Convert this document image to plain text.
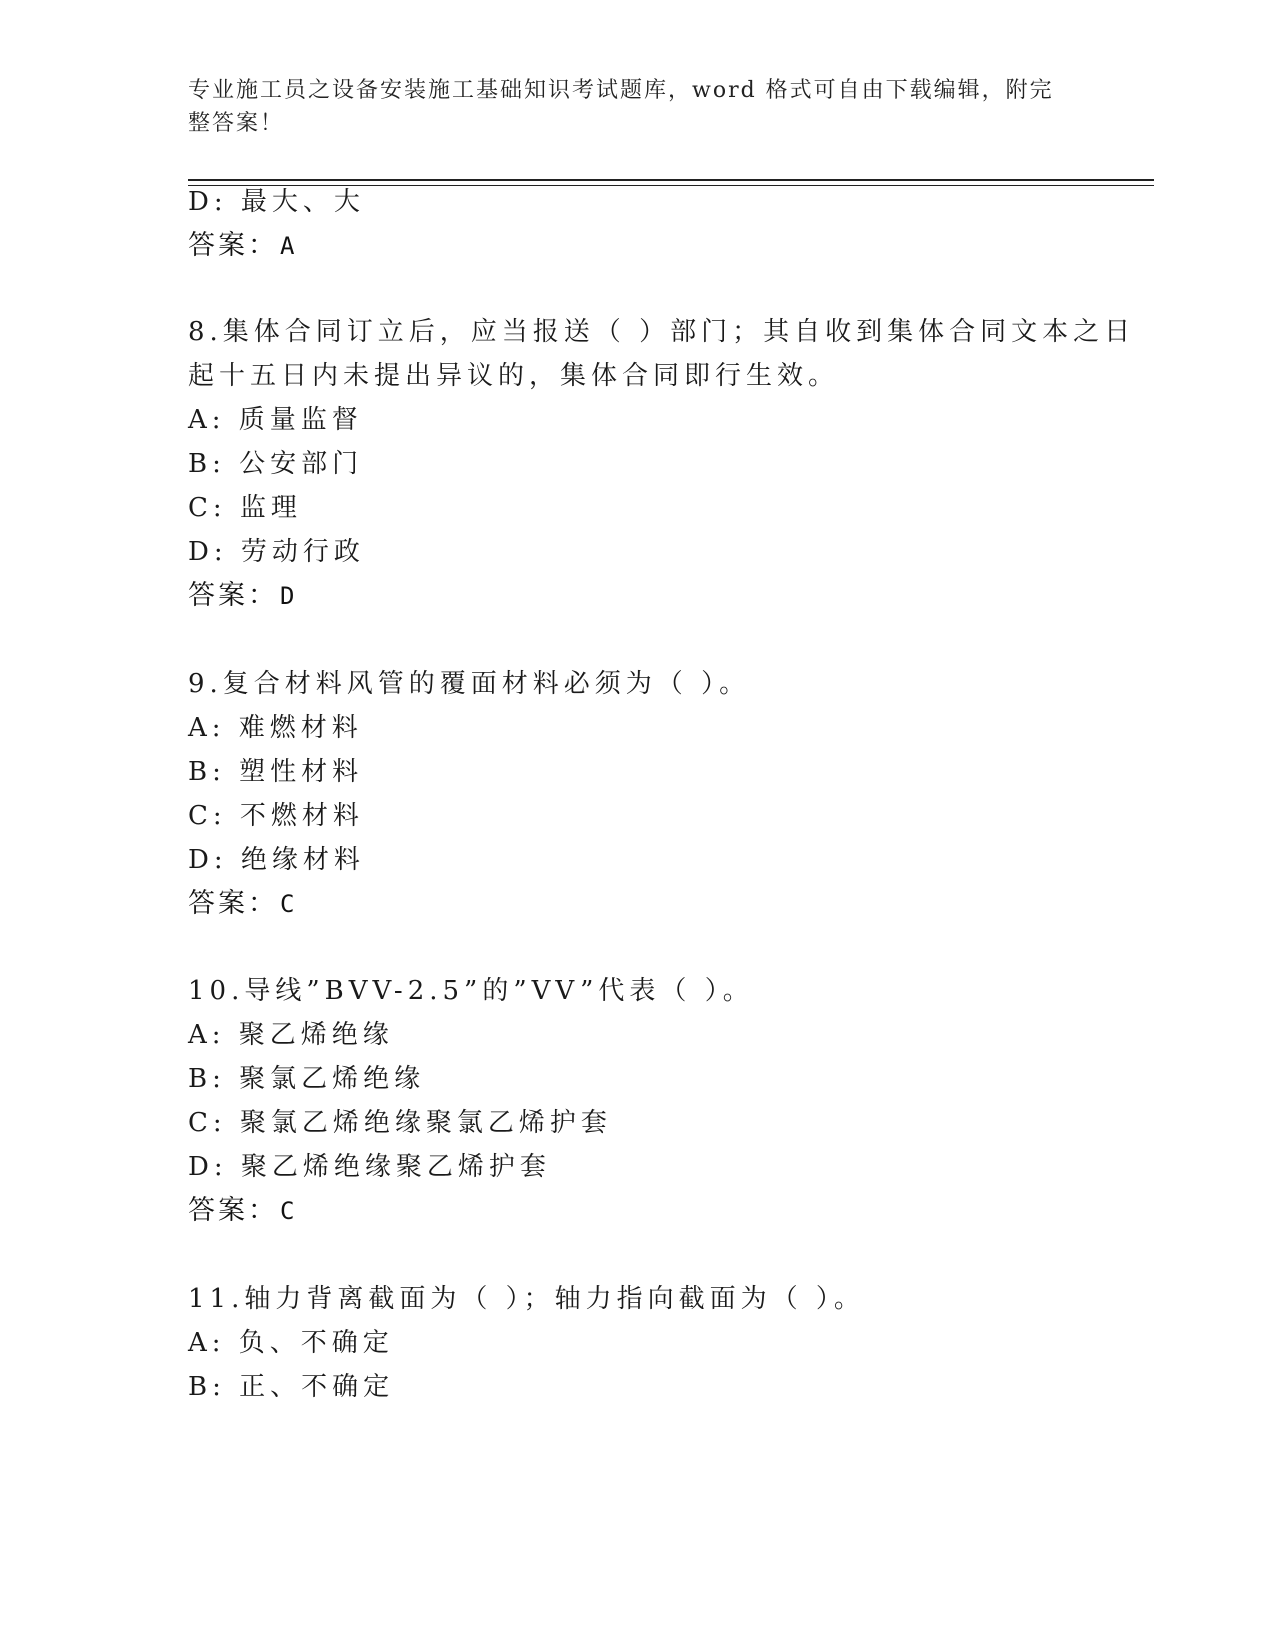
专业施工员之设备安装施工基础知识考试题库，word 格式可自由下载编辑，附完整答案！
D: 最大、大
答案：A
8.集体合同订立后，应当报送（ ）部门；其自收到集体合同文本之日
起十五日内未提出异议的，集体合同即行生效。
A: 质量监督
B: 公安部门
C: 监理
D: 劳动行政
答案：D
9.复合材料风管的覆面材料必须为（ ）。
A: 难燃材料
B: 塑性材料
C: 不燃材料
D: 绝缘材料
答案：C
10.导线”BVV-2.5”的”VV”代表（ ）。
A: 聚乙烯绝缘
B: 聚氯乙烯绝缘
C: 聚氯乙烯绝缘聚氯乙烯护套
D: 聚乙烯绝缘聚乙烯护套
答案：C
11.轴力背离截面为（ ）；轴力指向截面为（ ）。
A: 负、不确定
B: 正、不确定
